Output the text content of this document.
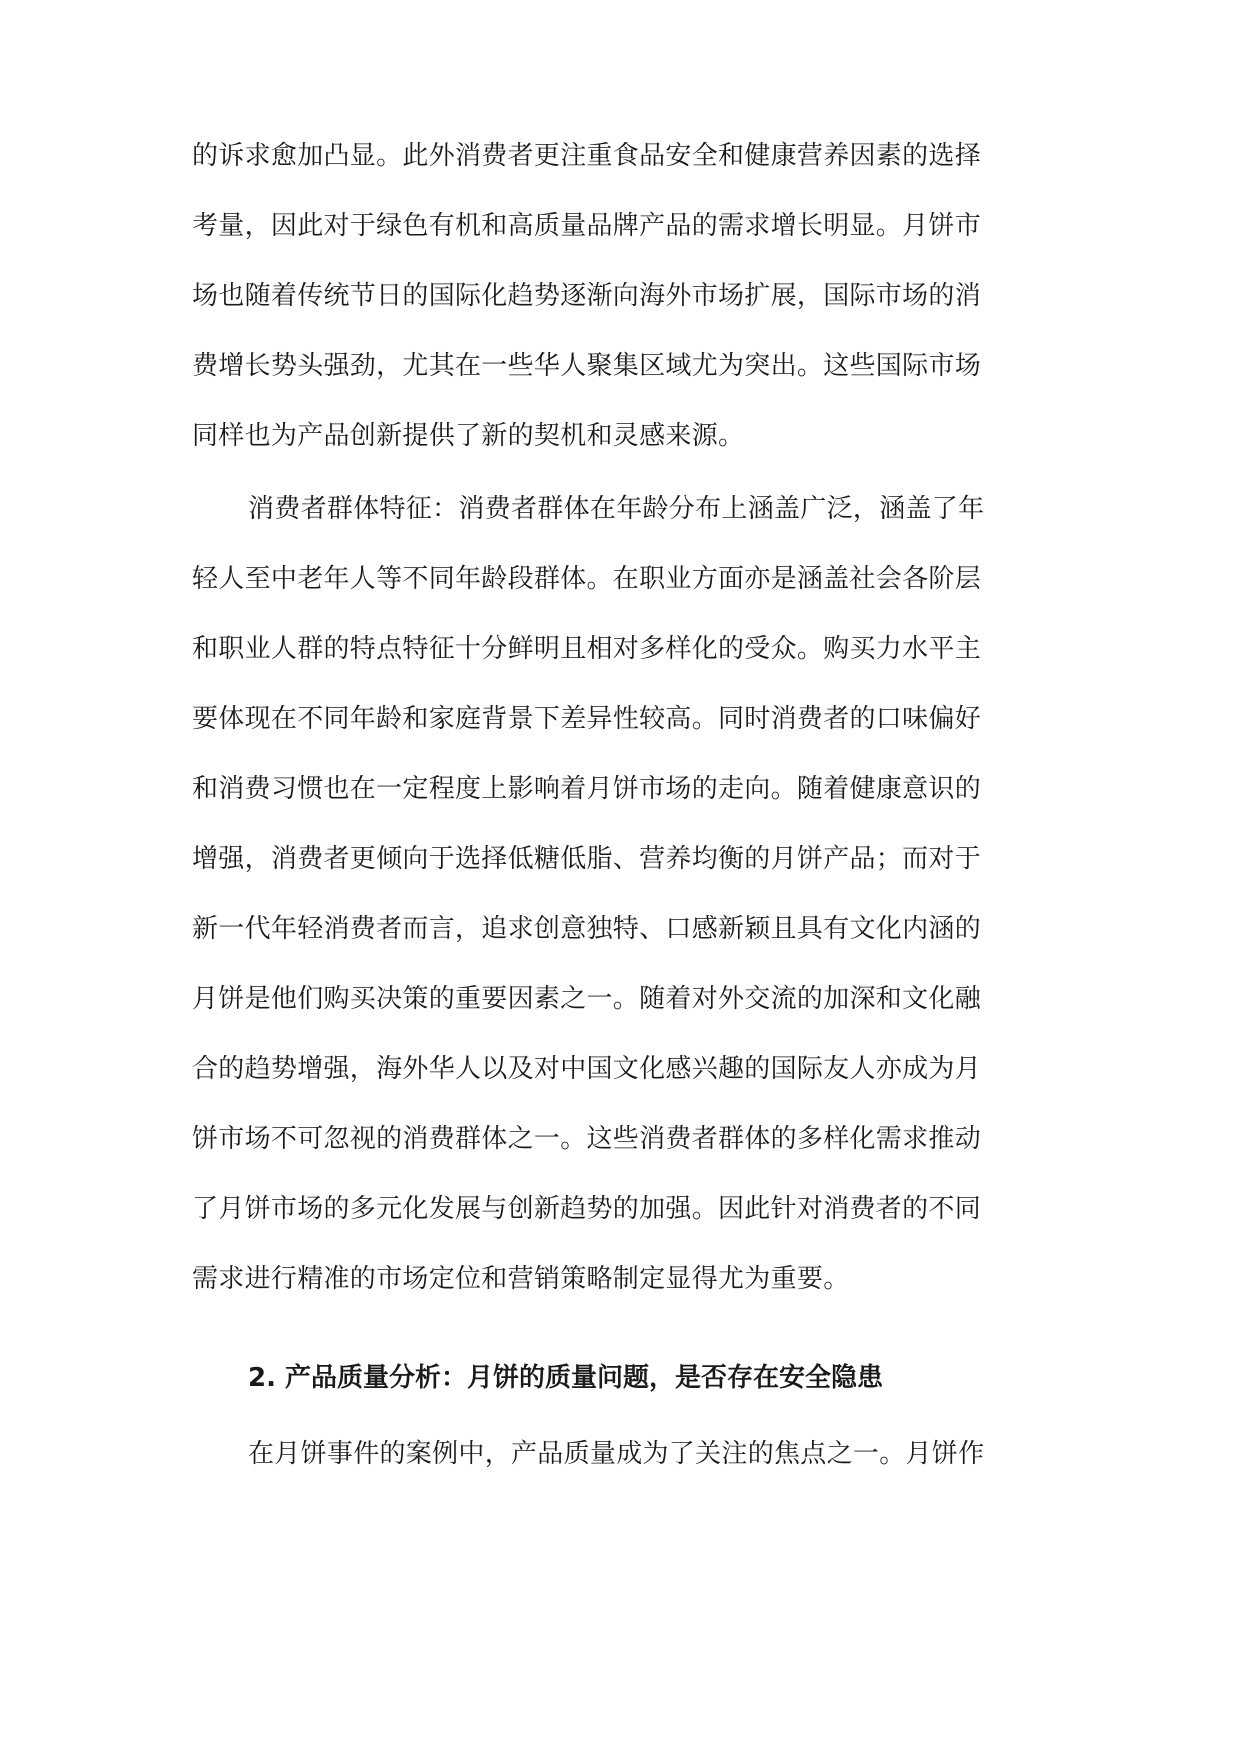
的诉求愈加凸显。此外消费者更注重食品安全和健康营养因素的选择
考量，因此对于绿色有机和高质量品牌产品的需求增长明显。月饼市
场也随着传统节日的国际化趋势逐渐向海外市场扩展，国际市场的消
费增长势头强劲，尤其在一些华人聚集区域尤为突出。这些国际市场
同样也为产品创新提供了新的契机和灵感来源。
消费者群体特征：消费者群体在年龄分布上涵盖广泛，涵盖了年
轻人至中老年人等不同年龄段群体。在职业方面亦是涵盖社会各阶层
和职业人群的特点特征十分鲜明且相对多样化的受众。购买力水平主
要体现在不同年龄和家庭背景下差异性较高。同时消费者的口味偏好
和消费习惯也在一定程度上影响着月饼市场的走向。随着健康意识的
增强，消费者更倾向于选择低糖低脂、营养均衡的月饼产品；而对于
新一代年轻消费者而言，追求创意独特、口感新颖且具有文化内涵的
月饼是他们购买决策的重要因素之一。随着对外交流的加深和文化融
合的趋势增强，海外华人以及对中国文化感兴趣的国际友人亦成为月
饼市场不可忽视的消费群体之一。这些消费者群体的多样化需求推动
了月饼市场的多元化发展与创新趋势的加强。因此针对消费者的不同
需求进行精准的市场定位和营销策略制定显得尤为重要。
2. 产品质量分析：月饼的质量问题，是否存在安全隐患
在月饼事件的案例中，产品质量成为了关注的焦点之一。月饼作
